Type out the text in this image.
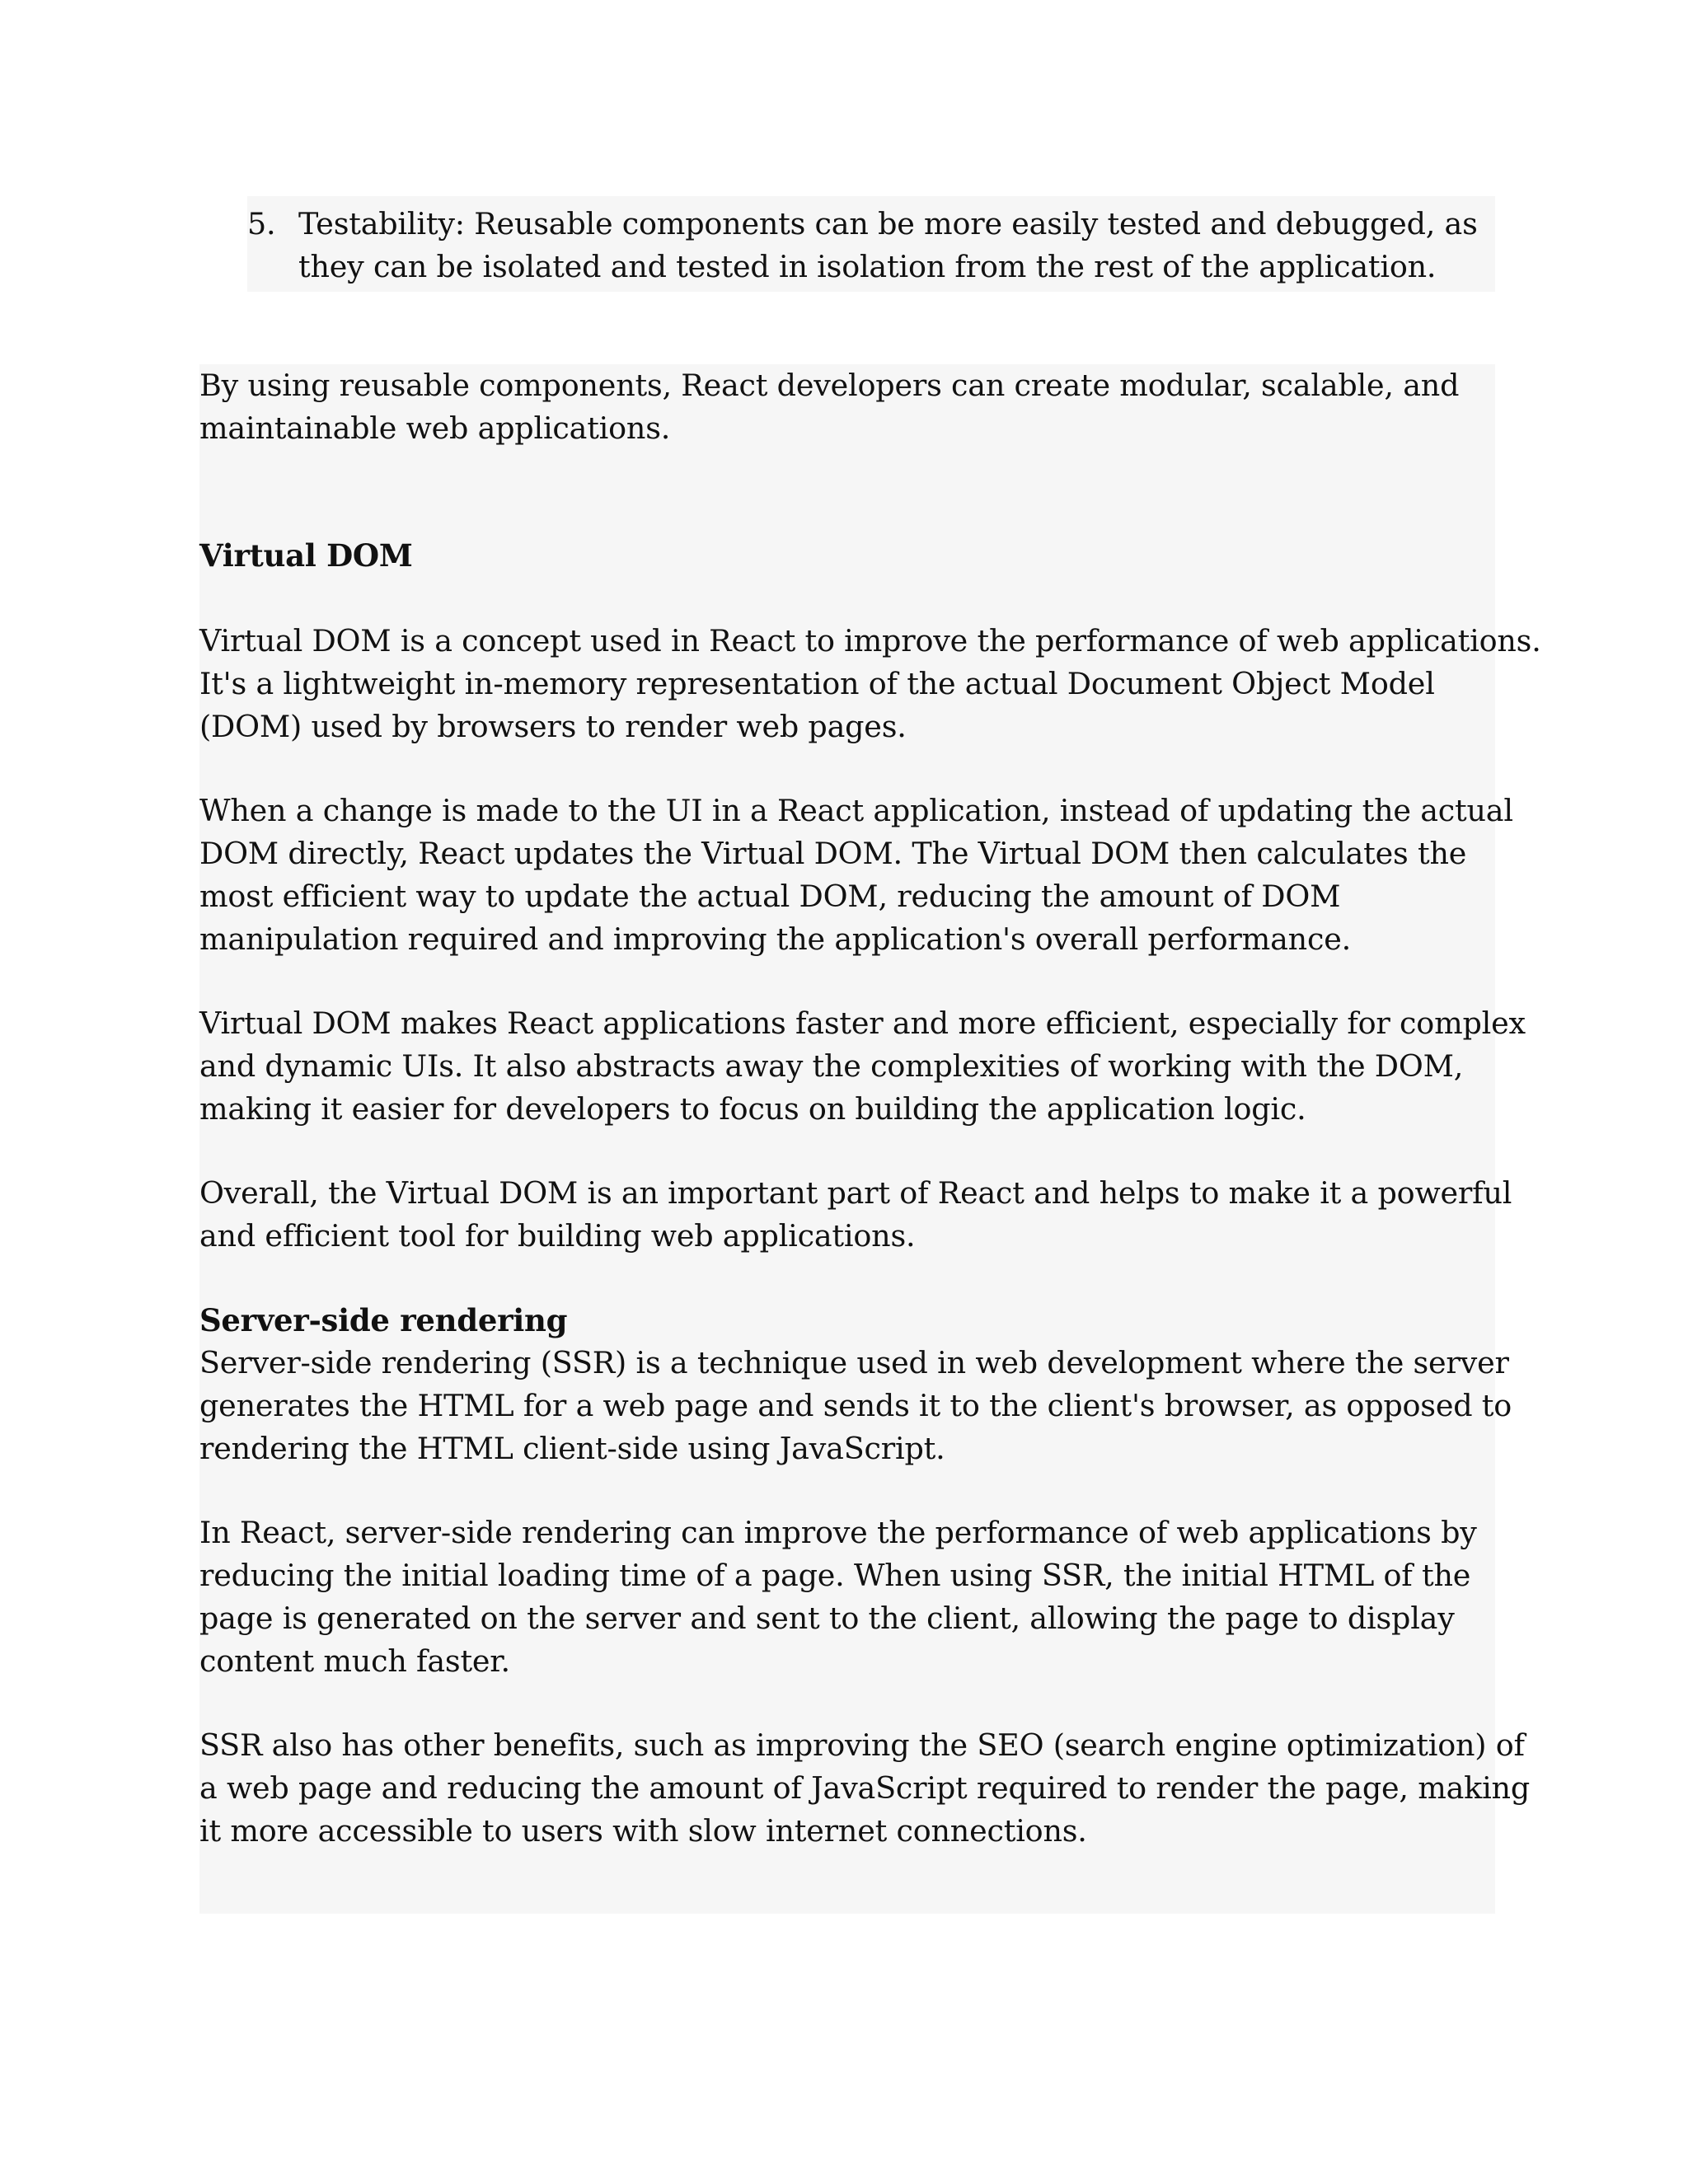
5. Testability: Reusable components can be more easily tested and debugged, as
they can be isolated and tested in isolation from the rest of the application.

By using reusable components, React developers can create modular, scalable, and
maintainable web applications.

Virtual DOM

Virtual DOM is a concept used in React to improve the performance of web applications.
It's a lightweight in-memory representation of the actual Document Object Model
(DOM) used by browsers to render web pages.

When a change is made to the UI in a React application, instead of updating the actual
DOM directly, React updates the Virtual DOM. The Virtual DOM then calculates the
most efficient way to update the actual DOM, reducing the amount of DOM
manipulation required and improving the application's overall performance.

Virtual DOM makes React applications faster and more efficient, especially for complex
and dynamic UIs. It also abstracts away the complexities of working with the DOM,
making it easier for developers to focus on building the application logic.

Overall, the Virtual DOM is an important part of React and helps to make it a powerful
and efficient tool for building web applications.

Server-side rendering

Server-side rendering (SSR) is a technique used in web development where the server
generates the HTML for a web page and sends it to the client's browser, as opposed to
rendering the HTML client-side using JavaScript.

In React, server-side rendering can improve the performance of web applications by
reducing the initial loading time of a page. When using SSR, the initial HTML of the
page is generated on the server and sent to the client, allowing the page to display
content much faster.

SSR also has other benefits, such as improving the SEO (search engine optimization) of
a web page and reducing the amount of JavaScript required to render the page, making
it more accessible to users with slow internet connections.
